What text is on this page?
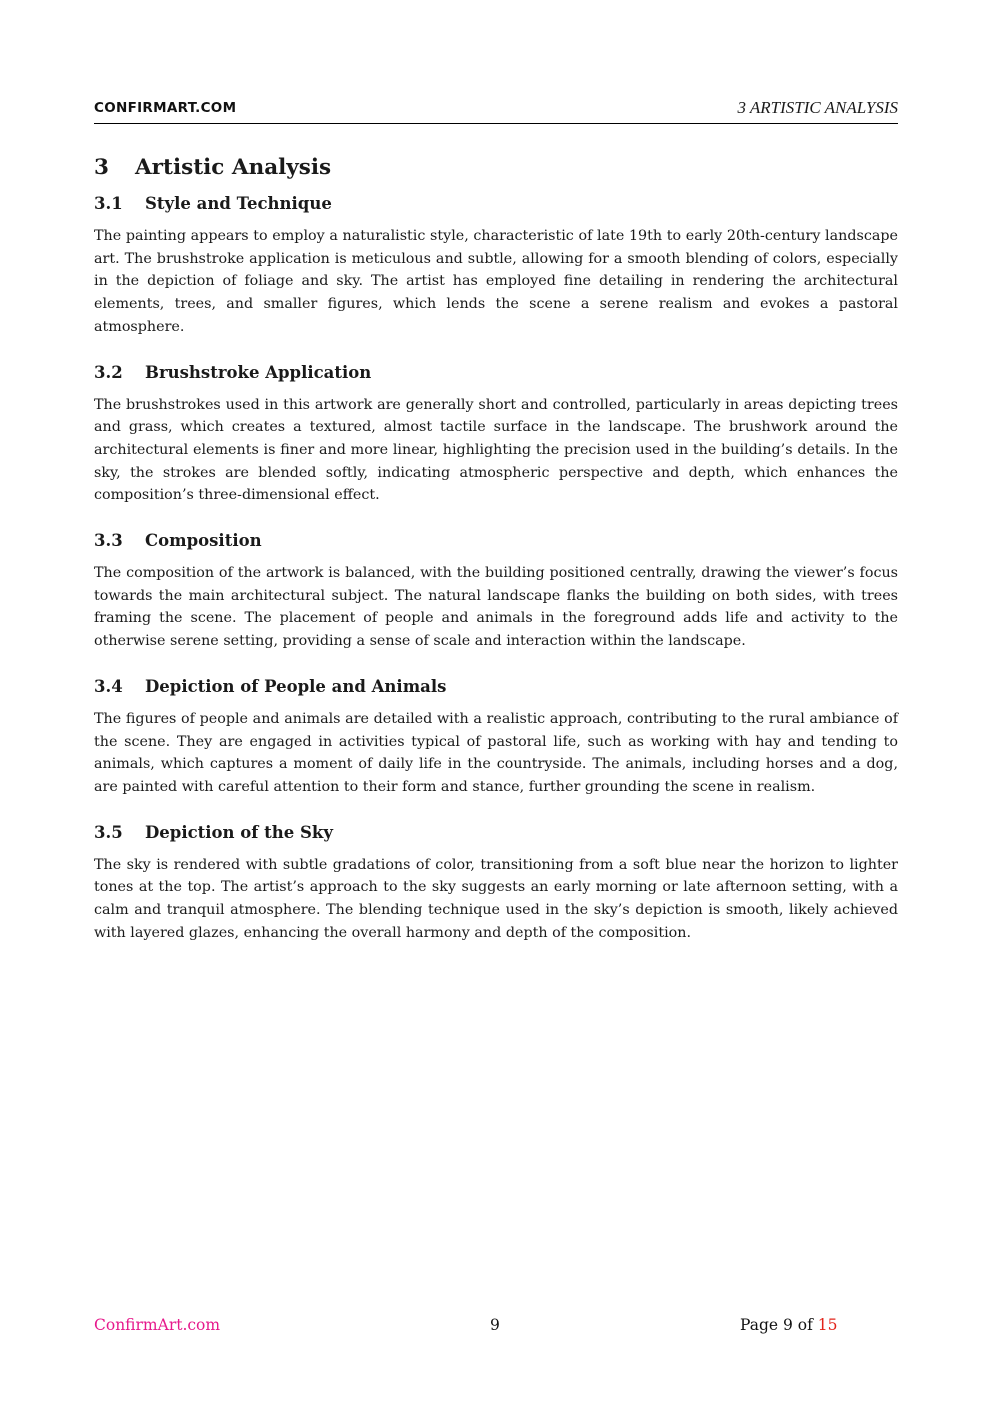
CONFIRMART.COM	3 ARTISTIC ANALYSIS
3 Artistic Analysis
3.1 Style and Technique

The painting appears to employ a naturalistic style, characteristic of late 19th to early 20th-century landscape art. The brushstroke application is meticulous and subtle, allowing for a smooth blending of colors, especially in the depiction of foliage and sky. The artist has employed fine detailing in rendering the architectural elements, trees, and smaller figures, which lends the scene a serene realism and evokes a pastoral atmosphere.

3.2 Brushstroke Application

The brushstrokes used in this artwork are generally short and controlled, particularly in areas depicting trees and grass, which creates a textured, almost tactile surface in the landscape. The brushwork around the architectural elements is finer and more linear, highlighting the precision used in the building’s details. In the sky, the strokes are blended softly, indicating atmospheric perspective and depth, which enhances the composition’s three-dimensional effect.

3.3 Composition

The composition of the artwork is balanced, with the building positioned centrally, drawing the viewer’s focus towards the main architectural subject. The natural landscape flanks the building on both sides, with trees framing the scene. The placement of people and animals in the foreground adds life and activity to the otherwise serene setting, providing a sense of scale and interaction within the landscape.

3.4 Depiction of People and Animals

The figures of people and animals are detailed with a realistic approach, contributing to the rural ambiance of the scene. They are engaged in activities typical of pastoral life, such as working with hay and tending to animals, which captures a moment of daily life in the countryside. The animals, including horses and a dog, are painted with careful attention to their form and stance, further grounding the scene in realism.

3.5 Depiction of the Sky

The sky is rendered with subtle gradations of color, transitioning from a soft blue near the horizon to lighter tones at the top. The artist’s approach to the sky suggests an early morning or late afternoon setting, with a calm and tranquil atmosphere. The blending technique used in the sky’s depiction is smooth, likely achieved with layered glazes, enhancing the overall harmony and depth of the composition.

ConfirmArt.com	9	Page 9 of 15
